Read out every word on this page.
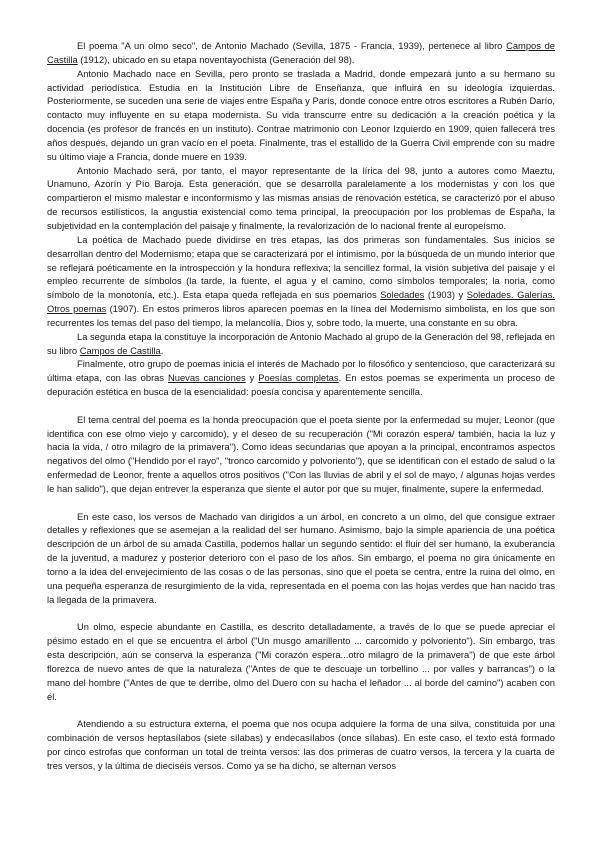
El poema "A un olmo seco", de Antonio Machado (Sevilla, 1875 - Francia, 1939), pertenece al libro Campos de Castilla (1912), ubicado en su etapa noventayochista (Generación del 98).

Antonio Machado nace en Sevilla, pero pronto se traslada a Madrid, donde empezará junto a su hermano su actividad periodística. Estudia en la Institución Libre de Enseñanza, que influirá en su ideología izquierdas. Posteriormente, se suceden una serie de viajes entre España y París, donde conoce entre otros escritores a Rubén Darío, contacto muy influyente en su etapa modernista. Su vida transcurre entre su dedicación a la creación poética y la docencia (es profesor de francés en un instituto). Contrae matrimonio con Leonor Izquierdo en 1909, quien fallecerá tres años después, dejando un gran vacío en el poeta. Finalmente, tras el estallido de la Guerra Civil emprende con su madre su último viaje a Francia, donde muere en 1939.

Antonio Machado será, por tanto, el mayor representante de la lírica del 98, junto a autores como Maeztu, Unamuno, Azorín y Pío Baroja. Esta generación, que se desarrolla paralelamente a los modernistas y con los que compartieron el mismo malestar e inconformismo y las mismas ansias de renovación estética, se caracterizó por el abuso de recursos estilísticos, la angustia existencial como tema principal, la preocupación por los problemas de España, la subjetividad en la contemplación del paisaje y finalmente, la revalorización de lo nacional frente al europeísmo.

La poética de Machado puede dividirse en tres etapas, las dos primeras son fundamentales. Sus inicios se desarrollan dentro del Modernismo; etapa que se caracterizará por el intimismo, por la búsqueda de un mundo interior que se reflejará poéticamente en la introspección y la hondura reflexiva; la sencillez formal, la visión subjetiva del paisaje y el empleo recurrente de símbolos (la tarde, la fuente, el agua y el camino, como símbolos temporales; la noria, como símbolo de la monotonía, etc.). Esta etapa queda reflejada en sus poemarios Soledades (1903) y Soledades. Galerías. Otros poemas (1907). En estos primeros libros aparecen poemas en la línea del Modernismo simbolista, en los que son recurrentes los temas del paso del tiempo, la melancolía, Dios y, sobre todo, la muerte, una constante en su obra.

La segunda etapa la constituye la incorporación de Antonio Machado al grupo de la Generación del 98, reflejada en su libro Campos de Castilla.

Finalmente, otro grupo de poemas inicia el interés de Machado por lo filosófico y sentencioso, que caracterizará su última etapa, con las obras Nuevas canciones y Poesías completas. En estos poemas se experimenta un proceso de depuración estética en busca de la esencialidad: poesía concisa y aparentemente sencilla.

El tema central del poema es la honda preocupación que el poeta siente por la enfermedad su mujer, Leonor (que identifica con ese olmo viejo y carcomido), y el deseo de su recuperación ("Mi corazón espera/ también, hacia la luz y hacia la vida, / otro milagro de la primavera"). Como ideas secundarias que apoyan a la principal, encontramos aspectos negativos del olmo ("Hendido por el rayo", "tronco carcomido y polvoriento"), que se identifican con el estado de salud o la enfermedad de Leonor, frente a aquellos otros positivos ("Con las lluvias de abril y el sol de mayo, / algunas hojas verdes le han salido"), que dejan entrever la esperanza que siente el autor por que su mujer, finalmente, supere la enfermedad.

En este caso, los versos de Machado van dirigidos a un árbol, en concreto a un olmo, del que consigue extraer detalles y reflexiones que se asemejan a la realidad del ser humano. Asimismo, bajo la simple apariencia de una poética descripción de un árbol de su amada Castilla, podemos hallar un segundo sentido: el fluir del ser humano, la exuberancia de la juventud, a madurez y posterior deterioro con el paso de los años. Sin embargo, el poema no gira únicamente en torno a la idea del envejecimiento de las cosas o de las personas, sino que el poeta se centra, entre la ruina del olmo, en una pequeña esperanza de resurgimiento de la vida, representada en el poema con las hojas verdes que han nacido tras la llegada de la primavera.

Un olmo, especie abundante en Castilla, es descrito detalladamente, a través de lo que se puede apreciar el pésimo estado en el que se encuentra el árbol ("Un musgo amarillento ... carcomido y polvoriento"). Sin embargo, tras esta descripción, aún se conserva la esperanza ("Mi corazón espera...otro milagro de la primavera") de que este árbol florezca de nuevo antes de que la naturaleza ("Antes de que te descuaje un torbellino ... por valles y barrancas") o la mano del hombre ("Antes de que te derribe, olmo del Duero con su hacha el leñador ... al borde del camino") acaben con él.

Atendiendo a su estructura externa, el poema que nos ocupa adquiere la forma de una silva, constituida por una combinación de versos heptasílabos (siete sílabas) y endecasílabos (once sílabas). En este caso, el texto está formado por cinco estrofas que conforman un total de treinta versos: las dos primeras de cuatro versos, la tercera y la cuarta de tres versos, y la última de dieciséis versos. Como ya se ha dicho, se alternan versos
